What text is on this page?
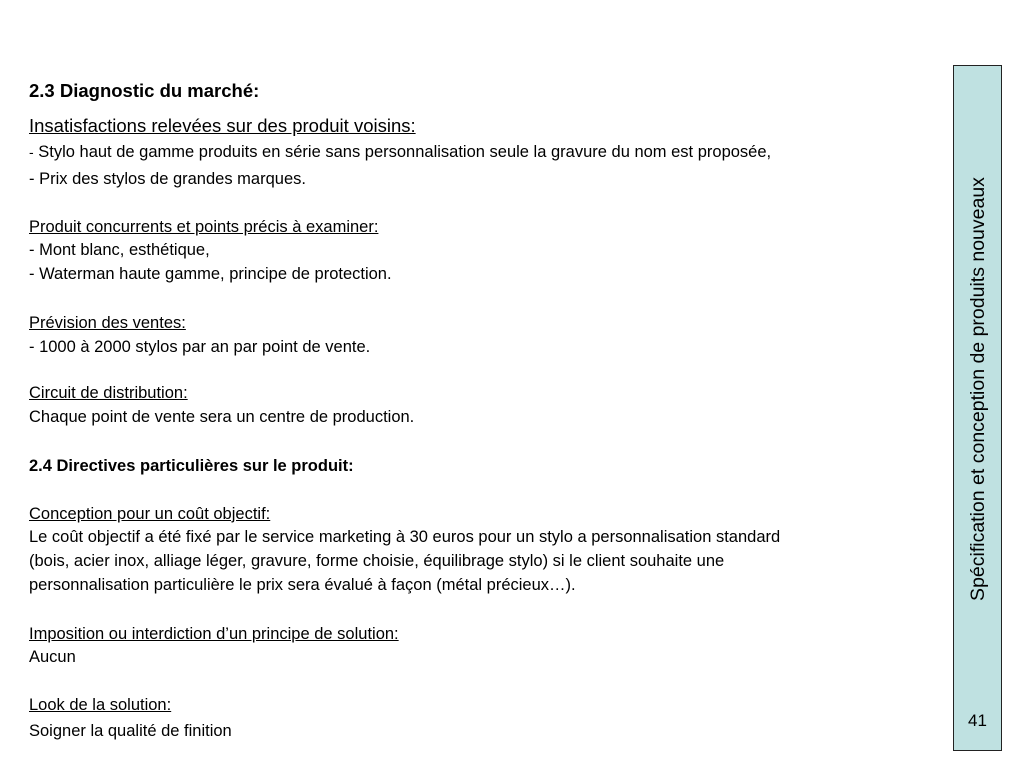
2.3 Diagnostic du marché:
Insatisfactions relevées sur des produit voisins:
- Stylo haut de gamme produits en série sans personnalisation seule la gravure du nom est proposée,
- Prix des stylos de grandes marques.
Produit concurrents et points précis à examiner:
- Mont blanc, esthétique,
- Waterman haute gamme, principe de protection.
Prévision des ventes:
- 1000 à 2000 stylos par an par point de vente.
Circuit de distribution:
Chaque point de vente sera un centre de production.
2.4 Directives particulières sur le produit:
Conception pour un coût objectif:
Le coût objectif a été fixé par le service marketing à 30 euros pour un stylo a personnalisation standard
(bois, acier inox, alliage léger, gravure, forme choisie, équilibrage stylo) si le client souhaite une
personnalisation particulière le prix sera évalué à façon (métal précieux…).
Imposition ou interdiction d’un principe de solution:
Aucun
Look de la solution:
Soigner la qualité de finition
Spécification et conception de produits nouveaux
41
